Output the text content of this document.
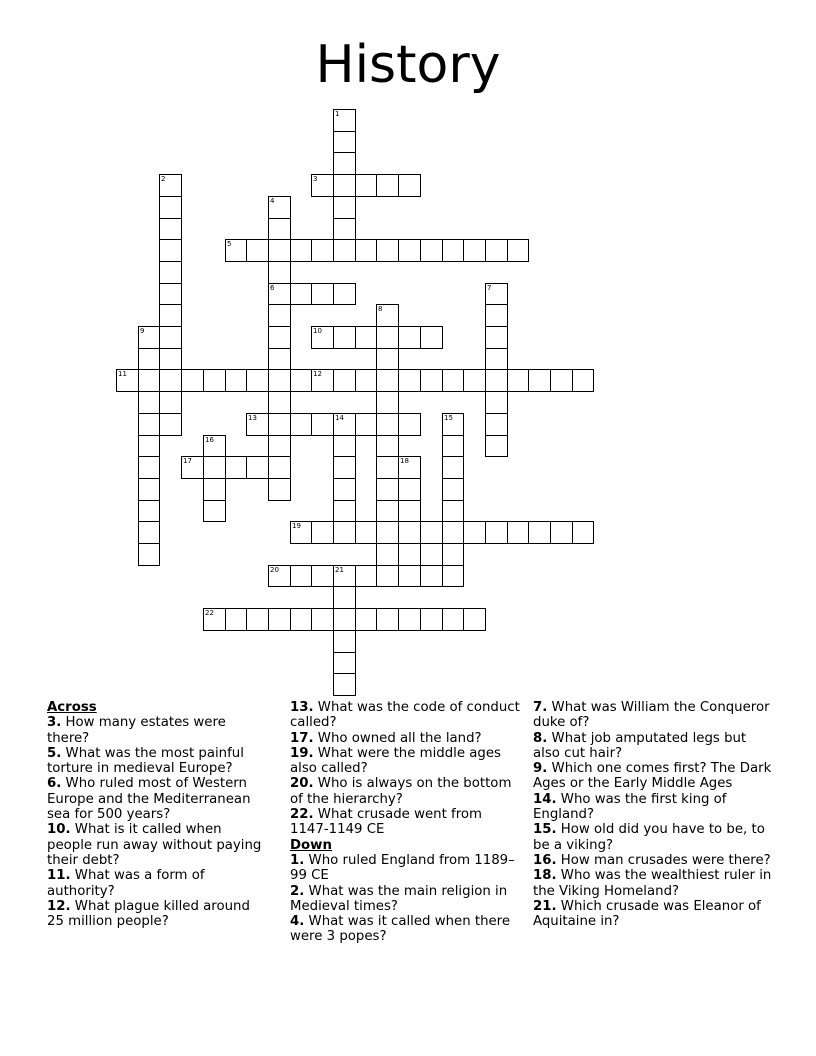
History
1
2	3
4
6
5
7
8
9	10
11	12
13	14	15
16
17	18
19
20	21
22

Across

3. How many estates were there?

5. What was the most painful torture in medieval Europe?

6. Who ruled most of Western Europe and the Mediterranean sea for 500 years?

10. What is it called when people run away without paying their debt?

11. What was a form of authority?

12. What plague killed around 25 million people?

13. What was the code of conduct called?

17. Who owned all the land?

19. What were the middle ages also called?

20. Who is always on the bottom of the hierarchy?

22. What crusade went from 1147-1149 CE

Down

1. Who ruled England from 1189–99 CE

2. What was the main religion in Medieval times?

4. What was it called when there were 3 popes?

7. What was William the Conqueror duke of?

8. What job amputated legs but also cut hair?

9. Which one comes first? The Dark Ages or the Early Middle Ages

14. Who was the first king of England?

15. How old did you have to be, to be a viking?

16. How man crusades were there?

18. Who was the wealthiest ruler in the Viking Homeland?

21. Which crusade was Eleanor of Aquitaine in?
